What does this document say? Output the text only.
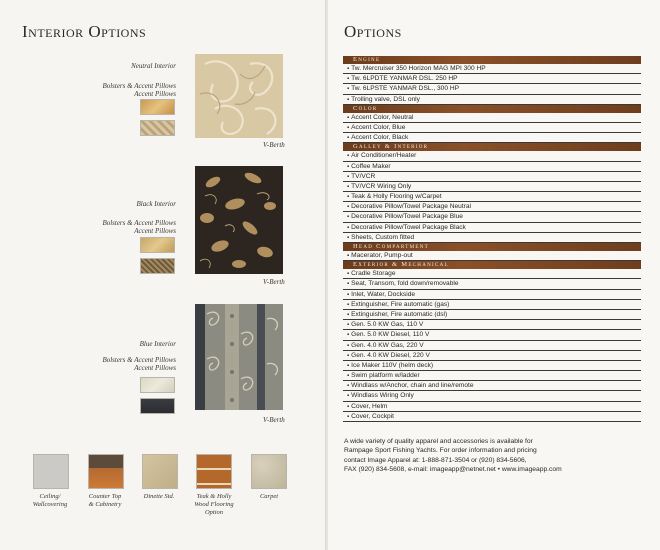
Interior Options
Neutral Interior
Bolsters & Accent Pillows
Accent Pillows
V-Berth
Black Interior
Bolsters & Accent Pillows
Accent Pillows
V-Berth
Blue Interior
Bolsters & Accent Pillows
Accent Pillows
V-Berth
Ceiling/
Wallcovering
Counter Top
& Cabinetry
Dinette Std.	Teak & Holly
Wood Flooring
Option
Carpet
Options
Engine
▪ Tw. Mercruiser 350 Horizon MAG MPI 300 HP
▪ Tw. 6LPDTE YANMAR DSL. 250 HP
▪ Tw. 6LPSTE YANMAR DSL., 300 HP
▪ Trolling valve, DSL only
Color
▪ Accent Color, Neutral
▪ Accent Color, Blue
▪ Accent Color, Black
Galley & Interior
▪ Air Conditioner/Heater
▪ Coffee Maker
▪ TV/VCR
▪ TV/VCR Wiring Only
▪ Teak & Holly Flooring w/Carpet
▪ Decorative Pillow/Towel Package Neutral
▪ Decorative Pillow/Towel Package Blue
▪ Decorative Pillow/Towel Package Black
▪ Sheets, Custom fitted
Head Compartment
▪ Macerator, Pump-out
Exterior & Mechanical
▪ Cradle Storage
▪ Seat, Transom, fold down/removable
▪ Inlet, Water, Dockside
▪ Extinguisher, Fire automatic (gas)
▪ Extinguisher, Fire automatic (dsl)
▪ Gen. 5.0 KW Gas, 110 V
▪ Gen. 5.0 KW Diesel, 110 V
▪ Gen. 4.0 KW Gas, 220 V
▪ Gen. 4.0 KW Diesel, 220 V
▪ Ice Maker 110V (helm deck)
▪ Swim platform w/ladder
▪ Windlass w/Anchor, chain and line/remote
▪ Windlass Wiring Only
▪ Cover, Helm
▪ Cover, Cockpit
A wide variety of quality apparel and accessories is available for
Rampage Sport Fishing Yachts. For order information and pricing
contact Image Apparel at: 1-888-871-3504 or (920) 834-5606,
FAX (920) 834-5608, e-mail: imageapp@netnet.net • www.imageapp.com
